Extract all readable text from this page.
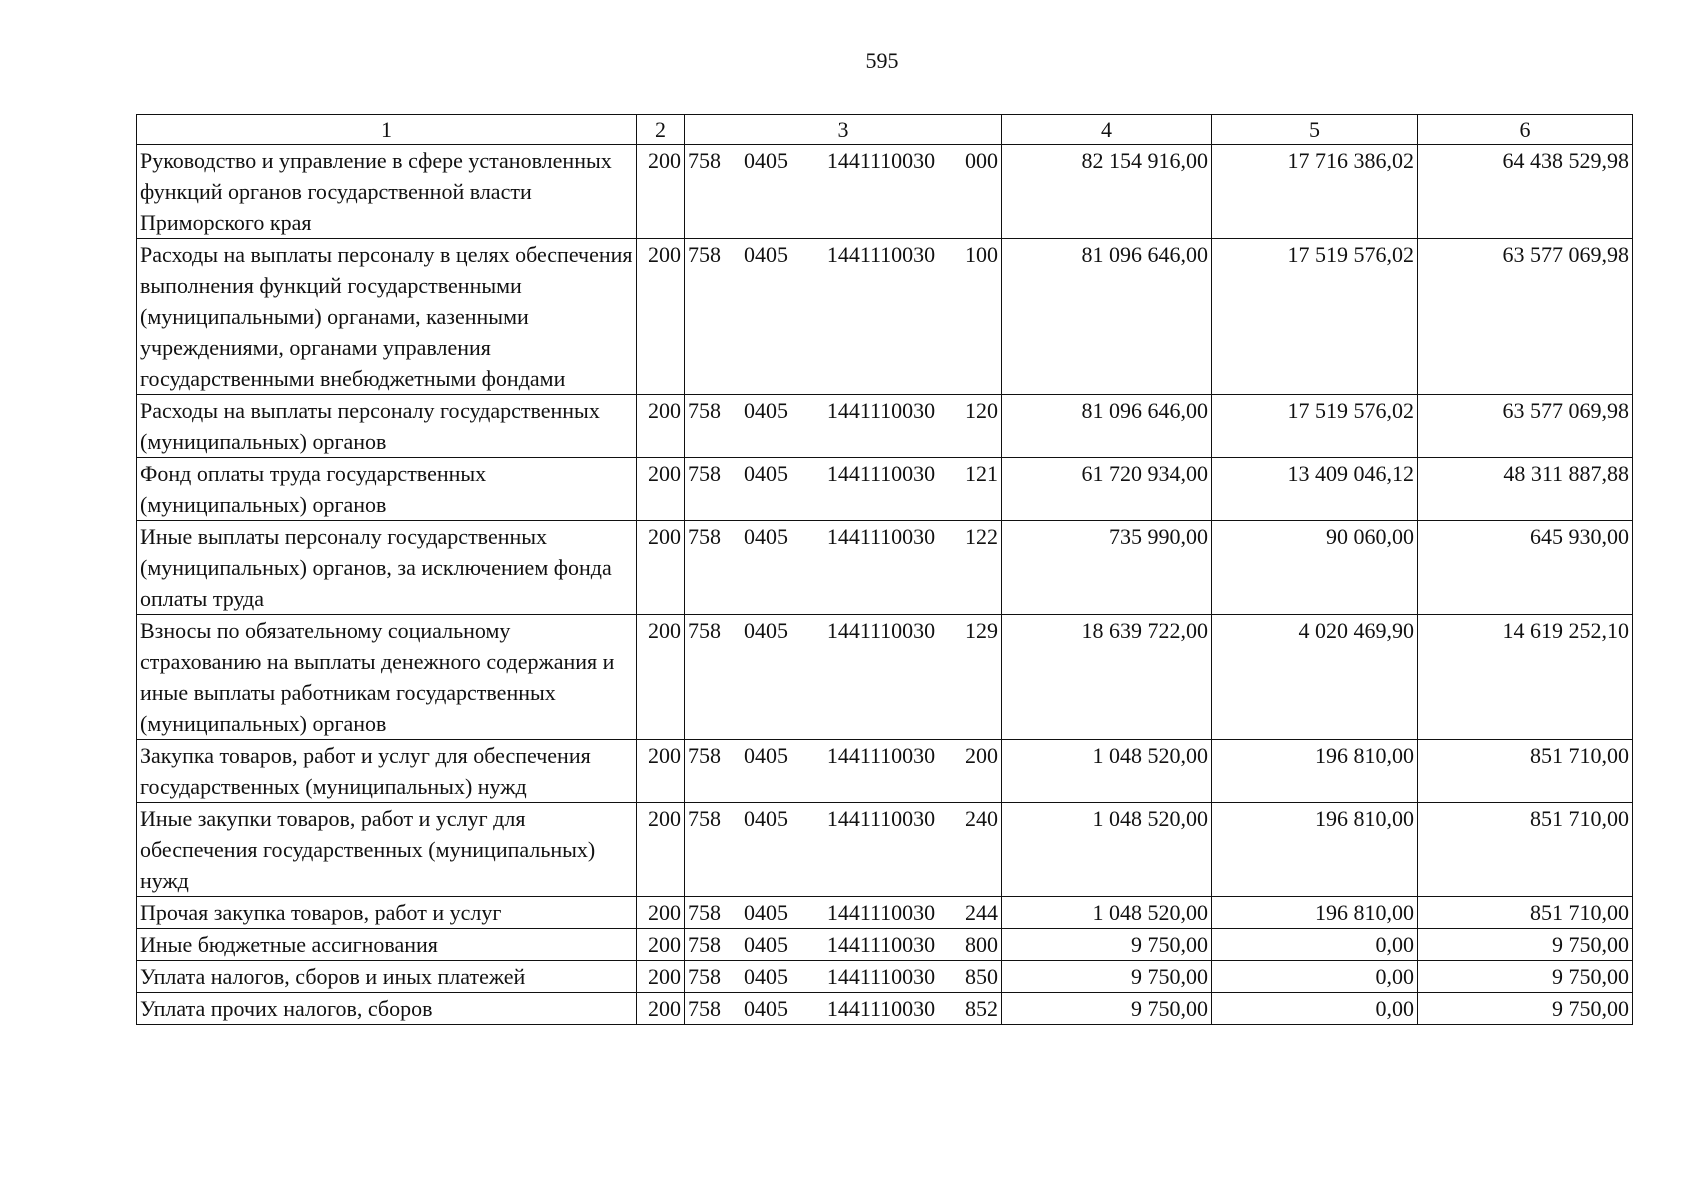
595
1	2	3	4	5	6
Руководство и управление в сфере установленных функций органов государственной власти Приморского края	200	758 0405 1441110030 000	82 154 916,00	17 716 386,02	64 438 529,98
Расходы на выплаты персоналу в целях обеспечения выполнения функций государственными (муниципальными) органами, казенными учреждениями, органами управления государственными внебюджетными фондами	200	758 0405 1441110030 100	81 096 646,00	17 519 576,02	63 577 069,98
Расходы на выплаты персоналу государственных (муниципальных) органов	200	758 0405 1441110030 120	81 096 646,00	17 519 576,02	63 577 069,98
Фонд оплаты труда государственных (муниципальных) органов	200	758 0405 1441110030 121	61 720 934,00	13 409 046,12	48 311 887,88
Иные выплаты персоналу государственных (муниципальных) органов, за исключением фонда оплаты труда	200	758 0405 1441110030 122	735 990,00	90 060,00	645 930,00
Взносы по обязательному социальному страхованию на выплаты денежного содержания и иные выплаты работникам государственных (муниципальных) органов	200	758 0405 1441110030 129	18 639 722,00	4 020 469,90	14 619 252,10
Закупка товаров, работ и услуг для обеспечения государственных (муниципальных) нужд	200	758 0405 1441110030 200	1 048 520,00	196 810,00	851 710,00
Иные закупки товаров, работ и услуг для обеспечения государственных (муниципальных) нужд	200	758 0405 1441110030 240	1 048 520,00	196 810,00	851 710,00
Прочая закупка товаров, работ и услуг	200	758 0405 1441110030 244	1 048 520,00	196 810,00	851 710,00
Иные бюджетные ассигнования	200	758 0405 1441110030 800	9 750,00	0,00	9 750,00
Уплата налогов, сборов и иных платежей	200	758 0405 1441110030 850	9 750,00	0,00	9 750,00
Уплата прочих налогов, сборов	200	758 0405 1441110030 852	9 750,00	0,00	9 750,00
